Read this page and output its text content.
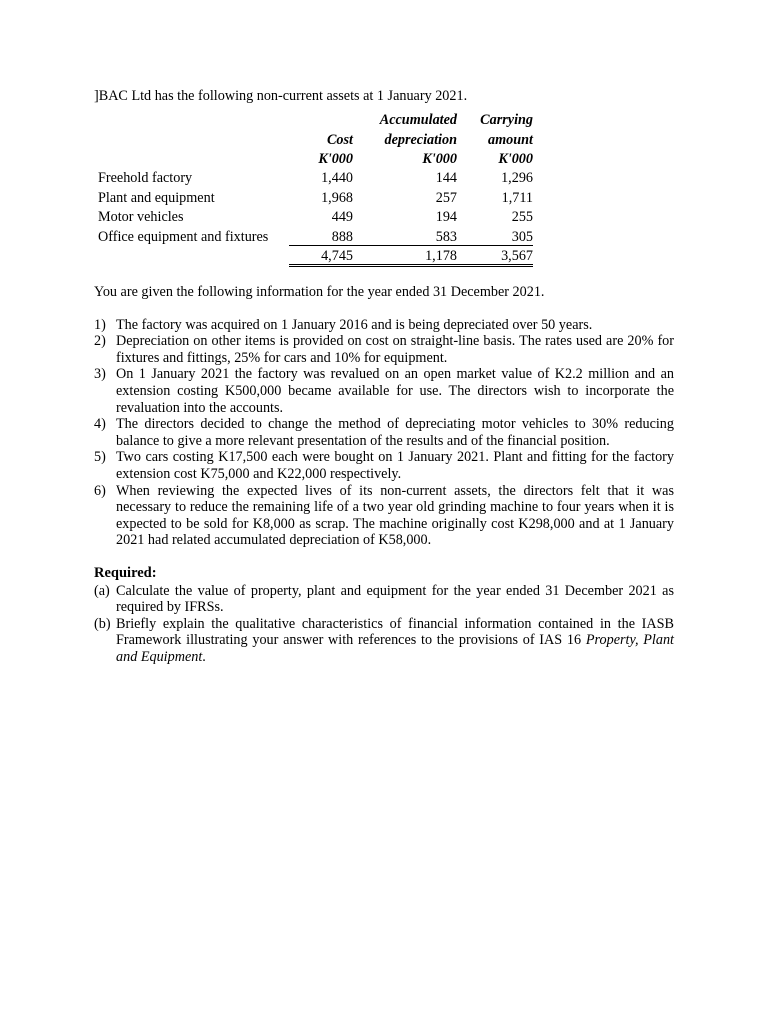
]BAC Ltd has the following non-current assets at 1 January 2021.

		Accumulated	Carrying
	Cost	depreciation	amount
	K'000	K'000	K'000
Freehold factory	1,440	144	1,296
Plant and equipment	1,968	257	1,711
Motor vehicles	449	194	255
Office equipment and fixtures	888	583	305
	4,745	1,178	3,567

You are given the following information for the year ended 31 December 2021.

1) The factory was acquired on 1 January 2016 and is being depreciated over 50 years.
2) Depreciation on other items is provided on cost on straight-line basis. The rates used are 20% for fixtures and fittings, 25% for cars and 10% for equipment.
3) On 1 January 2021 the factory was revalued on an open market value of K2.2 million and an extension costing K500,000 became available for use. The directors wish to incorporate the revaluation into the accounts.
4) The directors decided to change the method of depreciating motor vehicles to 30% reducing balance to give a more relevant presentation of the results and of the financial position.
5) Two cars costing K17,500 each were bought on 1 January 2021. Plant and fitting for the factory extension cost K75,000 and K22,000 respectively.
6) When reviewing the expected lives of its non-current assets, the directors felt that it was necessary to reduce the remaining life of a two year old grinding machine to four years when it is expected to be sold for K8,000 as scrap. The machine originally cost K298,000 and at 1 January 2021 had related accumulated depreciation of K58,000.

Required:

(a) Calculate the value of property, plant and equipment for the year ended 31 December 2021 as required by IFRSs.
(b) Briefly explain the qualitative characteristics of financial information contained in the IASB Framework illustrating your answer with references to the provisions of IAS 16 Property, Plant and Equipment.
